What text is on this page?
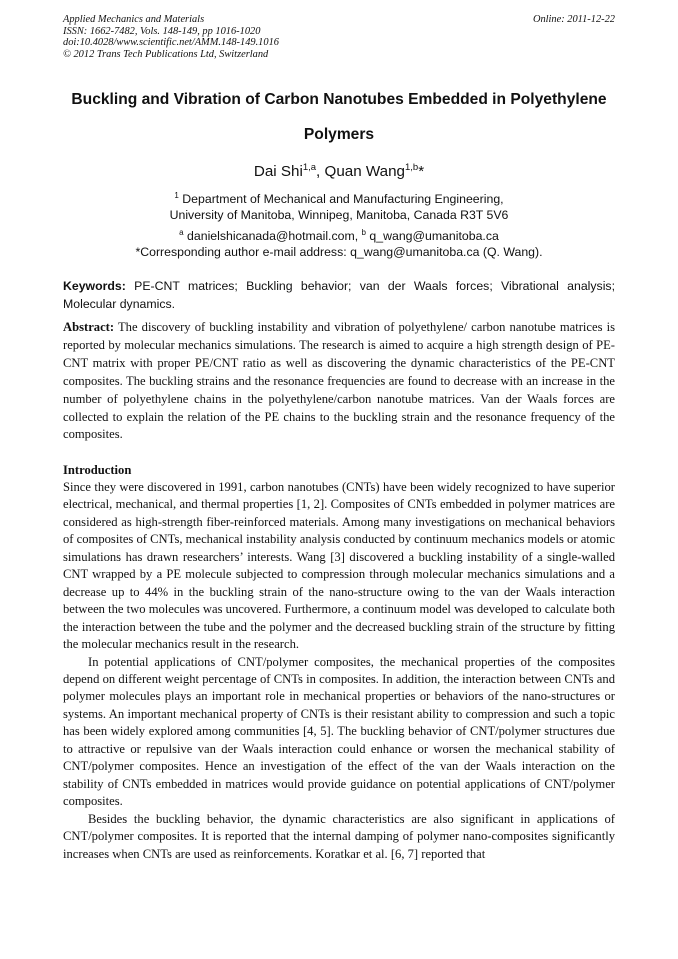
Applied Mechanics and Materials
ISSN: 1662-7482, Vols. 148-149, pp 1016-1020
doi:10.4028/www.scientific.net/AMM.148-149.1016
© 2012 Trans Tech Publications Ltd, Switzerland
Online: 2011-12-22
Buckling and Vibration of Carbon Nanotubes Embedded in Polyethylene
Polymers
Dai Shi$^{1,a}$, Quan Wang$^{1,b}$*
$^1$ Department of Mechanical and Manufacturing Engineering,
University of Manitoba, Winnipeg, Manitoba, Canada R3T 5V6
$^a$ danielshicanada@hotmail.com, $^b$ q_wang@umanitoba.ca
*Corresponding author e-mail address: q_wang@umanitoba.ca (Q. Wang).
Keywords: PE-CNT matrices; Buckling behavior; van der Waals forces; Vibrational analysis; Molecular dynamics.
Abstract: The discovery of buckling instability and vibration of polyethylene/ carbon nanotube matrices is reported by molecular mechanics simulations. The research is aimed to acquire a high strength design of PE-CNT matrix with proper PE/CNT ratio as well as discovering the dynamic characteristics of the PE-CNT composites. The buckling strains and the resonance frequencies are found to decrease with an increase in the number of polyethylene chains in the polyethylene/carbon nanotube matrices. Van der Waals forces are collected to explain the relation of the PE chains to the buckling strain and the resonance frequency of the composites.
Introduction

Since they were discovered in 1991, carbon nanotubes (CNTs) have been widely recognized to have superior electrical, mechanical, and thermal properties [1, 2]. Composites of CNTs embedded in polymer matrices are considered as high-strength fiber-reinforced materials. Among many investigations on mechanical behaviors of composites of CNTs, mechanical instability analysis conducted by continuum mechanics models or atomic simulations has drawn researchers’ interests. Wang [3] discovered a buckling instability of a single-walled CNT wrapped by a PE molecule subjected to compression through molecular mechanics simulations and a decrease up to 44% in the buckling strain of the nano-structure owing to the van der Waals interaction between the two molecules was uncovered. Furthermore, a continuum model was developed to calculate both the interaction between the tube and the polymer and the decreased buckling strain of the structure by fitting the molecular mechanics result in the research.

In potential applications of CNT/polymer composites, the mechanical properties of the composites depend on different weight percentage of CNTs in composites. In addition, the interaction between CNTs and polymer molecules plays an important role in mechanical properties or behaviors of the nano-structures or systems. An important mechanical property of CNTs is their resistant ability to compression and such a topic has been widely explored among communities [4, 5]. The buckling behavior of CNT/polymer structures due to attractive or repulsive van der Waals interaction could enhance or worsen the mechanical stability of CNT/polymer composites. Hence an investigation of the effect of the van der Waals interaction on the stability of CNTs embedded in matrices would provide guidance on potential applications of CNT/polymer composites.

Besides the buckling behavior, the dynamic characteristics are also significant in applications of CNT/polymer composites. It is reported that the internal damping of polymer nano-composites significantly increases when CNTs are used as reinforcements. Koratkar et al. [6, 7] reported that
